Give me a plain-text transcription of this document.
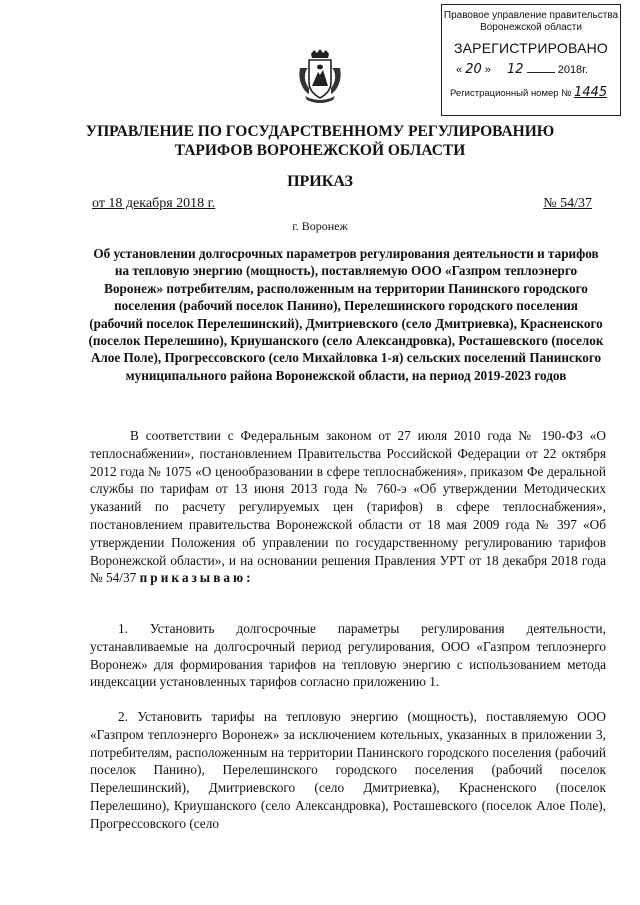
Правовое управление правительства
Воронежской области
ЗАРЕГИСТРИРОВАНО
« 20 »  12	2018г.
Регистрационный номер № 1445
УПРАВЛЕНИЕ ПО ГОСУДАРСТВЕННОМУ РЕГУЛИРОВАНИЮ
ТАРИФОВ ВОРОНЕЖСКОЙ ОБЛАСТИ
ПРИКАЗ
от 18 декабря 2018 г.	№ 54/37
г. Воронеж
Об установлении долгосрочных параметров регулирования деятельности и тарифов на тепловую энергию (мощность), поставляемую ООО «Газпром теплоэнерго Воронеж» потребителям, расположенным на территории Панинского городского поселения (рабочий поселок Панино), Перелешинского городского поселения (рабочий поселок Перелешинский), Дмитриевского (село Дмитриевка), Красненского (поселок Перелешино), Криушанского (село Александровка), Росташевского (поселок Алое Поле), Прогрессовского (село Михайловка 1-я) сельских поселений Панинского муниципального района Воронежской области, на период 2019-2023 годов
В соответствии с Федеральным законом от 27 июля 2010 года № 190-ФЗ «О теплоснабжении», постановлением Правительства Российской Федерации от 22 октября 2012 года № 1075 «О ценообразовании в сфере теплоснабжения», приказом Фе деральной службы по тарифам от 13 июня 2013 года № 760-э «Об утверждении Методических указаний по расчету регулируемых цен (тарифов) в сфере теплоснабжения», постановлением правительства Воронежской области от 18 мая 2009 года № 397 «Об утверждении Положения об управлении по государственному регулированию тарифов Воронежской области», и на основании решения Правления УРТ от 18 декабря 2018 года № 54/37 приказываю:
1. Установить долгосрочные параметры регулирования деятельности, устанавливаемые на долгосрочный период регулирования, ООО «Газпром теплоэнерго Воронеж» для формирования тарифов на тепловую энергию с использованием метода индексации установленных тарифов согласно приложению 1.
2. Установить тарифы на тепловую энергию (мощность), поставляемую ООО «Газпром теплоэнерго Воронеж» за исключением котельных, указанных в приложении 3, потребителям, расположенным на территории Панинского городского поселения (рабочий поселок Панино), Перелешинского городского поселения (рабочий поселок Перелешинский), Дмитриевского (село Дмитриевка), Красненского (поселок Перелешино), Криушанского (село Александровка), Росташевского (поселок Алое Поле), Прогрессовского (село
